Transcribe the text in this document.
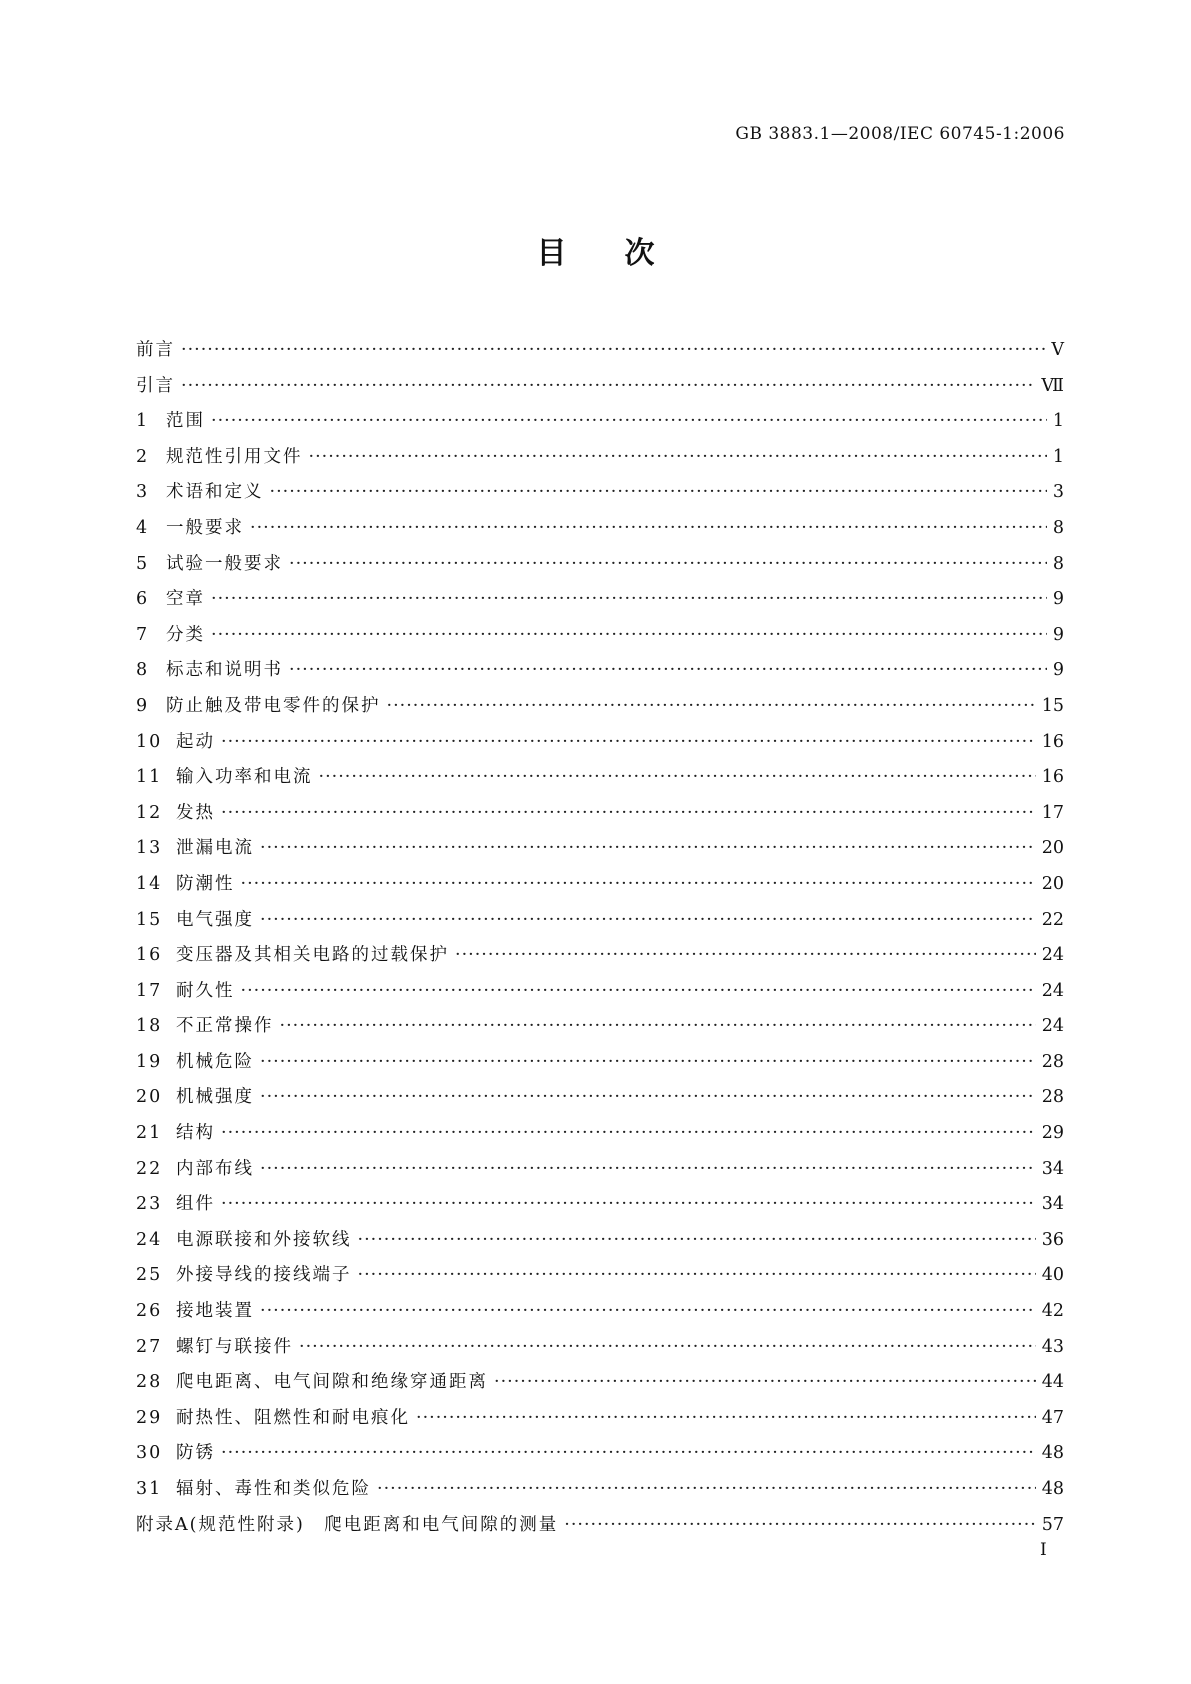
GB 3883.1—2008/IEC 60745-1:2006
目次
前言 ·····	Ⅴ
引言 ·····	Ⅶ
1 范围 ·····	1
2 规范性引用文件 ·····	1
3 术语和定义 ·····	3
4 一般要求 ·····	8
5 试验一般要求 ·····	8
6 空章 ·····	9
7 分类 ·····	9
8 标志和说明书 ·····	9
9 防止触及带电零件的保护 ·····	15
10 起动 ·····	16
11 输入功率和电流 ·····	16
12 发热 ·····	17
13 泄漏电流 ·····	20
14 防潮性 ·····	20
15 电气强度 ·····	22
16 变压器及其相关电路的过载保护 ·····	24
17 耐久性 ·····	24
18 不正常操作 ·····	24
19 机械危险 ·····	28
20 机械强度 ·····	28
21 结构 ·····	29
22 内部布线 ·····	34
23 组件 ·····	34
24 电源联接和外接软线 ·····	36
25 外接导线的接线端子 ·····	40
26 接地装置 ·····	42
27 螺钉与联接件 ·····	43
28 爬电距离、电气间隙和绝缘穿通距离 ·····	44
29 耐热性、阻燃性和耐电痕化 ·····	47
30 防锈 ·····	48
31 辐射、毒性和类似危险 ·····	48
附录A(规范性附录)　爬电距离和电气间隙的测量 ·····	57
I
